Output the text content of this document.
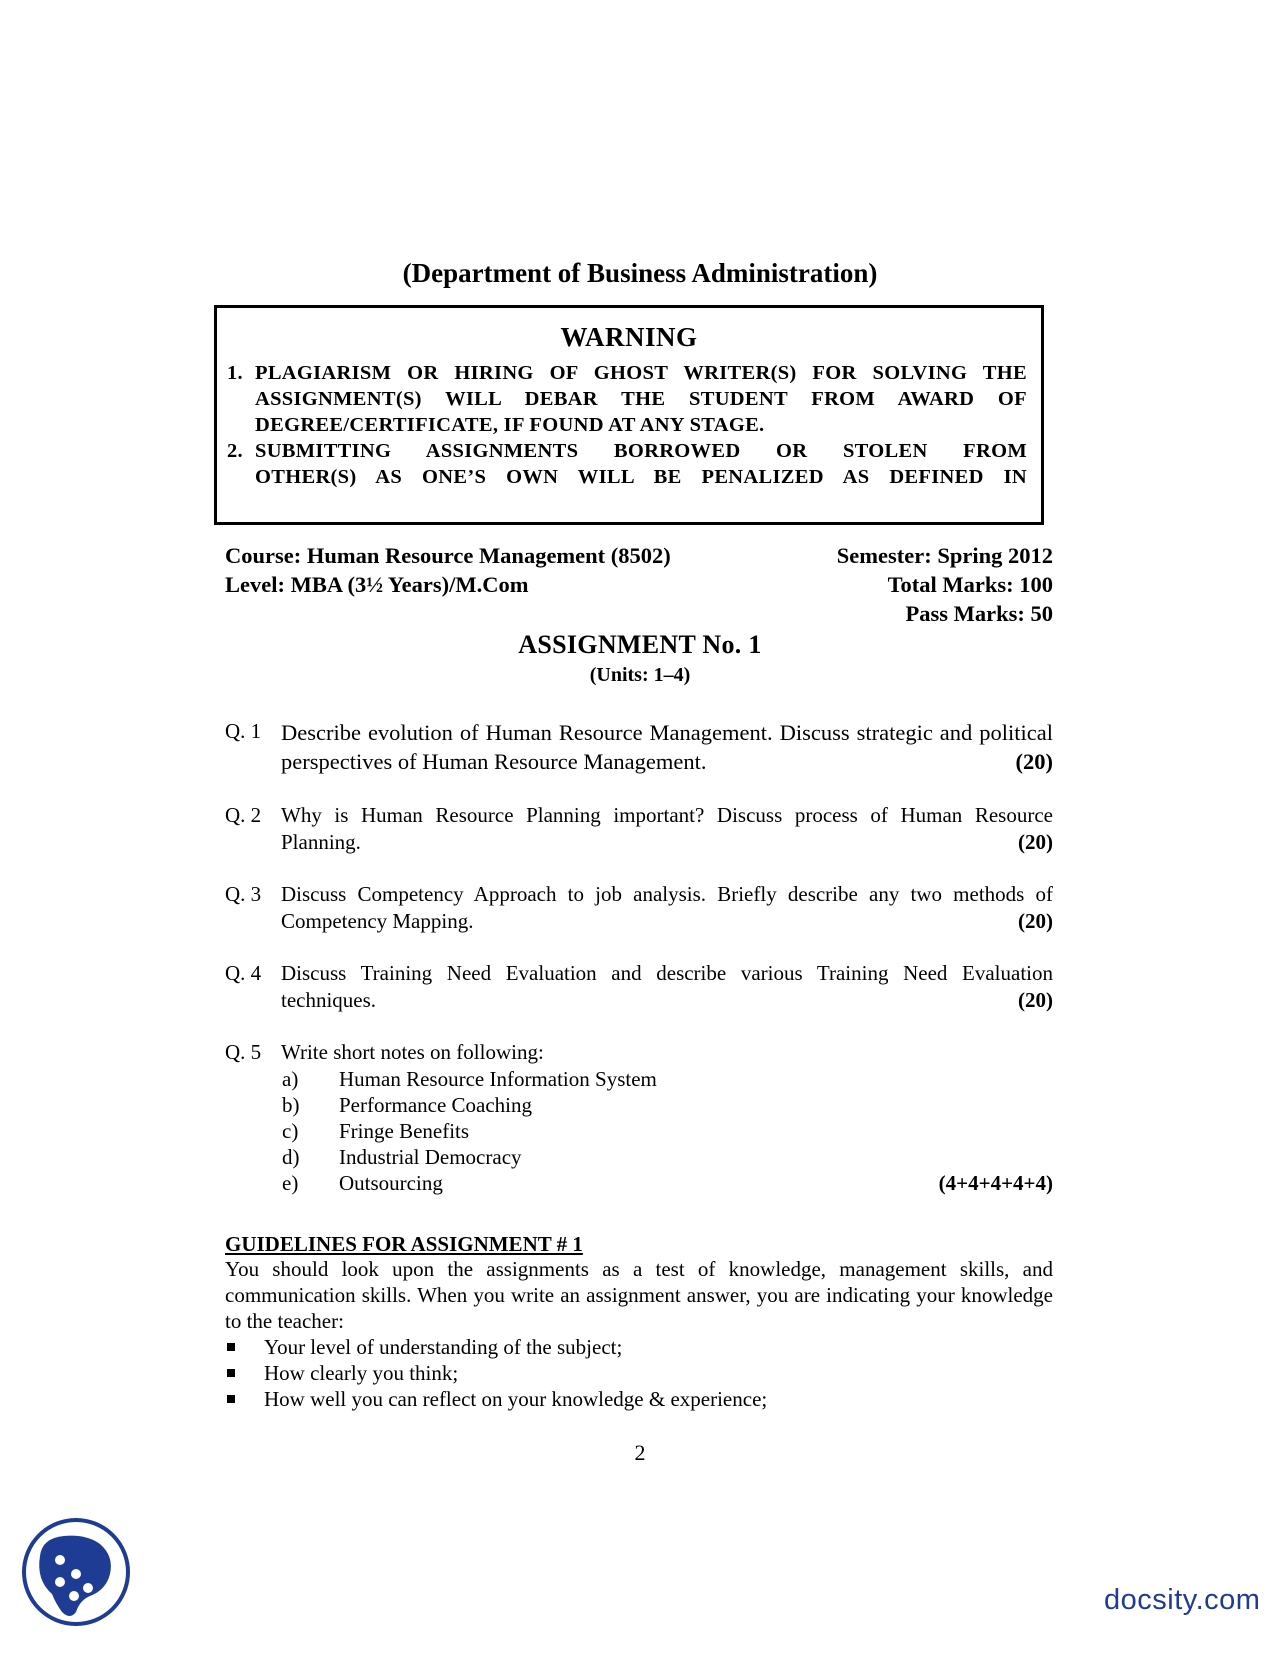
(Department of Business Administration)
WARNING
1. PLAGIARISM OR HIRING OF GHOST WRITER(S) FOR SOLVING THE
ASSIGNMENT(S) WILL DEBAR THE STUDENT FROM AWARD OF
DEGREE/CERTIFICATE, IF FOUND AT ANY STAGE.
2. SUBMITTING ASSIGNMENTS BORROWED OR STOLEN FROM
OTHER(S) AS ONE’S OWN WILL BE PENALIZED AS DEFINED IN
Course: Human Resource Management (8502)
Level: MBA (3½ Years)/M.Com
Semester: Spring 2012
Total Marks: 100
Pass Marks: 50
ASSIGNMENT No. 1
(Units: 1–4)
Q. 1 Describe evolution of Human Resource Management. Discuss strategic and political perspectives of Human Resource Management.	(20)
Q. 2 Why is Human Resource Planning important? Discuss process of Human Resource Planning.	(20)
Q. 3 Discuss Competency Approach to job analysis. Briefly describe any two methods of Competency Mapping.	(20)
Q. 4 Discuss Training Need Evaluation and describe various Training Need Evaluation techniques.	(20)
Q. 5 Write short notes on following:
a) Human Resource Information System
b) Performance Coaching
c) Fringe Benefits
d) Industrial Democracy
e) Outsourcing	(4+4+4+4+4)
GUIDELINES FOR ASSIGNMENT # 1
You should look upon the assignments as a test of knowledge, management skills, and communication skills. When you write an assignment answer, you are indicating your knowledge to the teacher:
Your level of understanding of the subject;
How clearly you think;
How well you can reflect on your knowledge & experience;
2
docsity.com
